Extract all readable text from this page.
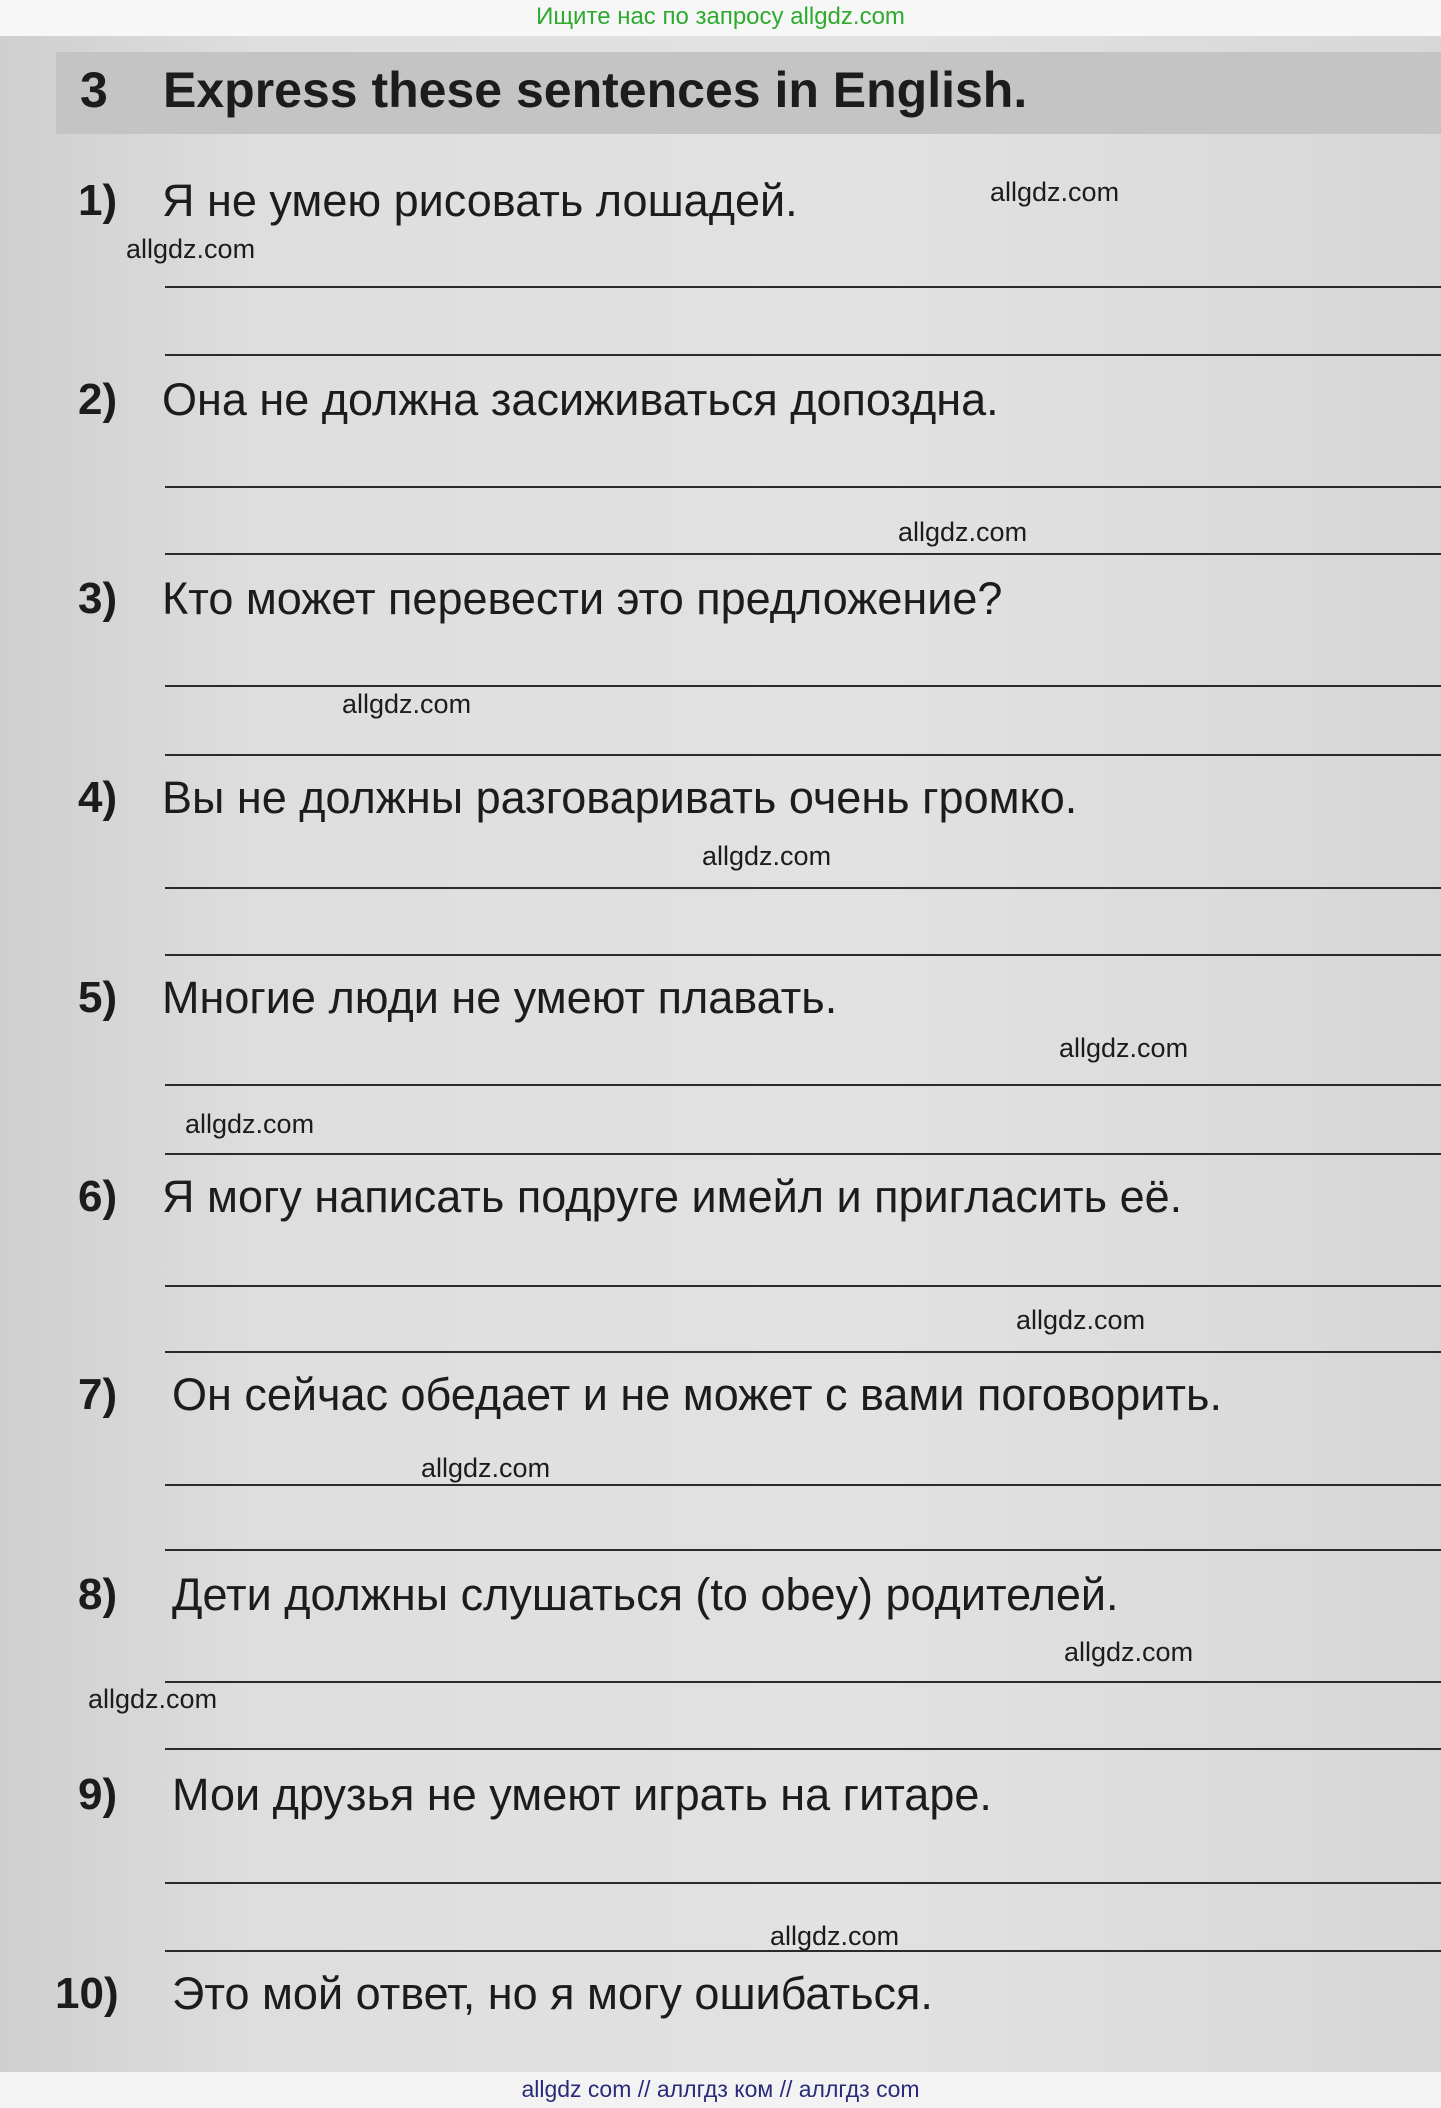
Ищите нас по запросу allgdz.com
3 Express these sentences in English.
1) Я не умею рисовать лошадей.
2) Она не должна засиживаться допоздна.
3) Кто может перевести это предложение?
4) Вы не должны разговаривать очень громко.
5) Многие люди не умеют плавать.
6) Я могу написать подруге имейл и пригласить её.
7) Он сейчас обедает и не может с вами поговорить.
8) Дети должны слушаться (to obey) родителей.
9) Мои друзья не умеют играть на гитаре.
10) Это мой ответ, но я могу ошибаться.
allgdz.com
allgdz.com
allgdz.com
allgdz.com
allgdz.com
allgdz.com
allgdz.com
allgdz.com
allgdz.com
allgdz.com
allgdz.com
allgdz.com
allgdz com // аллгдз ком // аллгдз com
